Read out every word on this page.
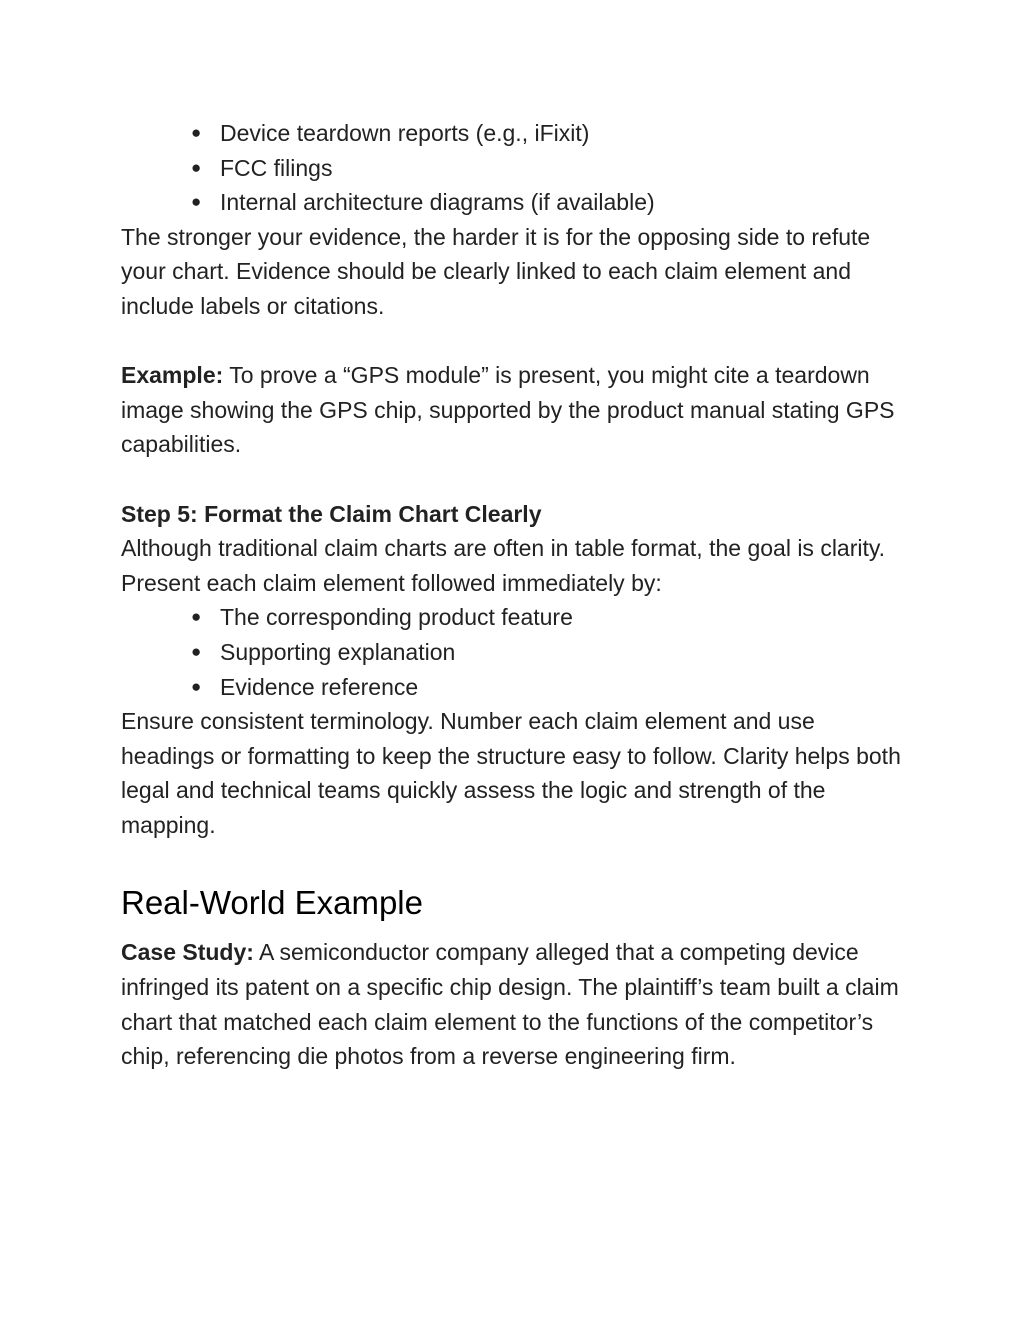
● Device teardown reports (e.g., iFixit)
● FCC filings
● Internal architecture diagrams (if available)

The stronger your evidence, the harder it is for the opposing side to refute your chart. Evidence should be clearly linked to each claim element and include labels or citations.

Example: To prove a “GPS module” is present, you might cite a teardown image showing the GPS chip, supported by the product manual stating GPS capabilities.

Step 5: Format the Claim Chart Clearly

Although traditional claim charts are often in table format, the goal is clarity. Present each claim element followed immediately by:

● The corresponding product feature
● Supporting explanation
● Evidence reference

Ensure consistent terminology. Number each claim element and use headings or formatting to keep the structure easy to follow. Clarity helps both legal and technical teams quickly assess the logic and strength of the mapping.

Real-World Example

Case Study: A semiconductor company alleged that a competing device infringed its patent on a specific chip design. The plaintiff’s team built a claim chart that matched each claim element to the functions of the competitor’s chip, referencing die photos from a reverse engineering firm.
